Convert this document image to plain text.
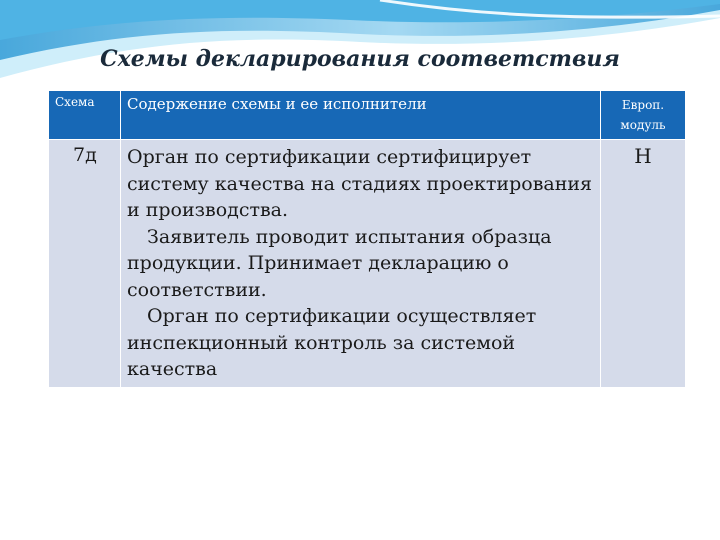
Схемы декларирования соответствия
Схема	Содержение схемы и ее исполнители	Европ. модуль
7д	Орган по сертификации сертифицирует систему качества на стадиях проектирования и производства.
Заявитель проводит испытания образца продукции. Принимает декларацию о соответствии.
Орган по сертификации осуществляет инспекционный контроль за системой качества	Н
